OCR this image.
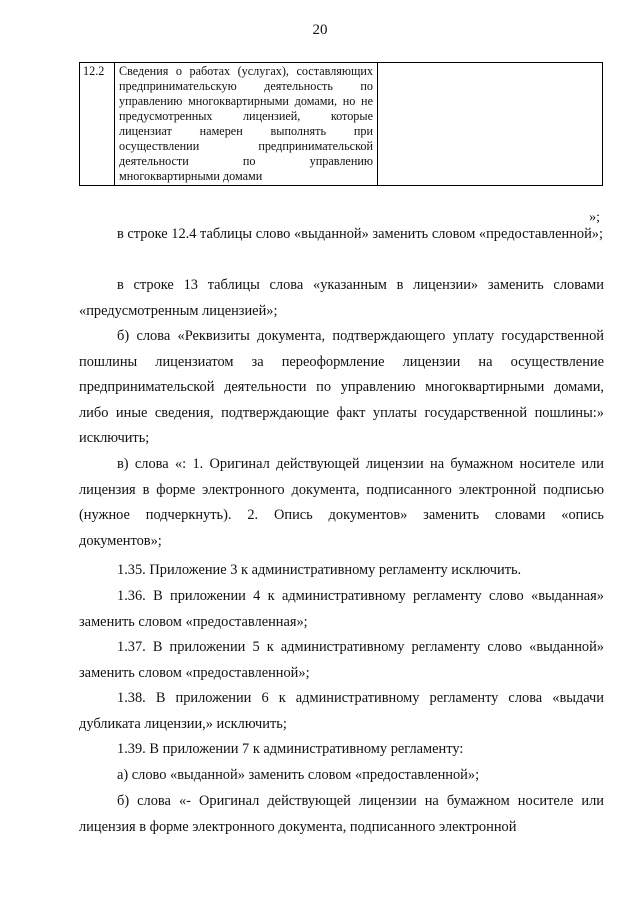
20
12.2	Сведения о работах (услугах), составляющих предпринимательскую деятельность по управлению многоквартирными домами, но не предусмотренных лицензией, которые лицензиат намерен выполнять при осуществлении предпринимательской деятельности по управлению многоквартирными домами	
»;
в строке 12.4 таблицы слово «выданной» заменить словом «предоставленной»;
в строке 13 таблицы слова «указанным в лицензии» заменить словами «предусмотренным лицензией»;
б) слова «Реквизиты документа, подтверждающего уплату государственной пошлины лицензиатом за переоформление лицензии на осуществление предпринимательской деятельности по управлению многоквартирными домами, либо иные сведения, подтверждающие факт уплаты государственной пошлины:» исключить;
в) слова «: 1. Оригинал действующей лицензии на бумажном носителе или лицензия в форме электронного документа, подписанного электронной подписью (нужное подчеркнуть). 2. Опись документов» заменить словами «опись документов»;
1.35. Приложение 3 к административному регламенту исключить.
1.36. В приложении 4 к административному регламенту слово «выданная» заменить словом «предоставленная»;
1.37. В приложении 5 к административному регламенту слово «выданной» заменить словом «предоставленной»;
1.38. В приложении 6 к административному регламенту слова «выдачи дубликата лицензии,» исключить;
1.39. В приложении 7 к административному регламенту:
а) слово «выданной» заменить словом «предоставленной»;
б) слова «- Оригинал действующей лицензии на бумажном носителе или лицензия в форме электронного документа, подписанного электронной
